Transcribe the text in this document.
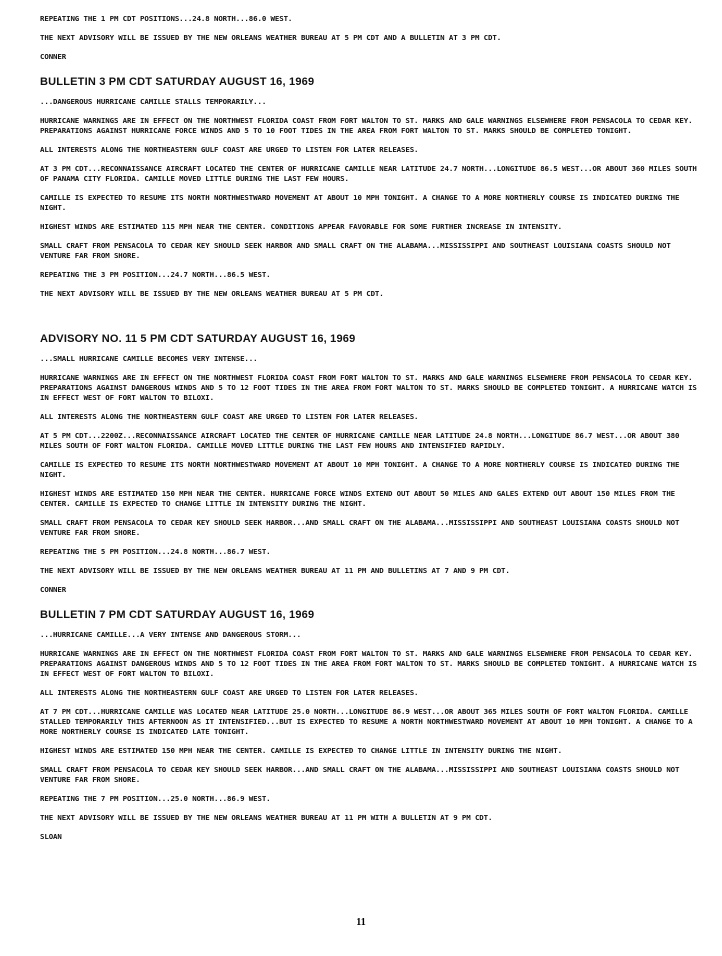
REPEATING THE 1 PM CDT POSITIONS...24.8 NORTH...86.0 WEST.

THE NEXT ADVISORY WILL BE ISSUED BY THE NEW ORLEANS WEATHER BUREAU AT 5 PM CDT AND A BULLETIN AT 3 PM CDT.

CONNER

BULLETIN 3 PM CDT SATURDAY AUGUST 16, 1969

...DANGEROUS HURRICANE CAMILLE STALLS TEMPORARILY...

HURRICANE WARNINGS ARE IN EFFECT ON THE NORTHWEST FLORIDA COAST FROM FORT WALTON TO ST. MARKS AND GALE WARNINGS ELSEWHERE FROM PENSACOLA TO CEDAR KEY. PREPARATIONS AGAINST HURRICANE FORCE WINDS AND 5 TO 10 FOOT TIDES IN THE AREA FROM FORT WALTON TO ST. MARKS SHOULD BE COMPLETED TONIGHT.

ALL INTERESTS ALONG THE NORTHEASTERN GULF COAST ARE URGED TO LISTEN FOR LATER RELEASES.

AT 3 PM CDT...RECONNAISSANCE AIRCRAFT LOCATED THE CENTER OF HURRICANE CAMILLE NEAR LATITUDE 24.7 NORTH...LONGITUDE 86.5 WEST...OR ABOUT 360 MILES SOUTH OF PANAMA CITY FLORIDA. CAMILLE MOVED LITTLE DURING THE LAST FEW HOURS.

CAMILLE IS EXPECTED TO RESUME ITS NORTH NORTHWESTWARD MOVEMENT AT ABOUT 10 MPH TONIGHT. A CHANGE TO A MORE NORTHERLY COURSE IS INDICATED DURING THE NIGHT.

HIGHEST WINDS ARE ESTIMATED 115 MPH NEAR THE CENTER. CONDITIONS APPEAR FAVORABLE FOR SOME FURTHER INCREASE IN INTENSITY.

SMALL CRAFT FROM PENSACOLA TO CEDAR KEY SHOULD SEEK HARBOR AND SMALL CRAFT ON THE ALABAMA...MISSISSIPPI AND SOUTHEAST LOUISIANA COASTS SHOULD NOT VENTURE FAR FROM SHORE.

REPEATING THE 3 PM POSITION...24.7 NORTH...86.5 WEST.

THE NEXT ADVISORY WILL BE ISSUED BY THE NEW ORLEANS WEATHER BUREAU AT 5 PM CDT.

ADVISORY NO. 11 5 PM CDT SATURDAY AUGUST 16, 1969

...SMALL HURRICANE CAMILLE BECOMES VERY INTENSE...

HURRICANE WARNINGS ARE IN EFFECT ON THE NORTHWEST FLORIDA COAST FROM FORT WALTON TO ST. MARKS AND GALE WARNINGS ELSEWHERE FROM PENSACOLA TO CEDAR KEY. PREPARATIONS AGAINST DANGEROUS WINDS AND 5 TO 12 FOOT TIDES IN THE AREA FROM FORT WALTON TO ST. MARKS SHOULD BE COMPLETED TONIGHT. A HURRICANE WATCH IS IN EFFECT WEST OF FORT WALTON TO BILOXI.

ALL INTERESTS ALONG THE NORTHEASTERN GULF COAST ARE URGED TO LISTEN FOR LATER RELEASES.

AT 5 PM CDT...2200Z...RECONNAISSANCE AIRCRAFT LOCATED THE CENTER OF HURRICANE CAMILLE NEAR LATITUDE 24.8 NORTH...LONGITUDE 86.7 WEST...OR ABOUT 380 MILES SOUTH OF FORT WALTON FLORIDA. CAMILLE MOVED LITTLE DURING THE LAST FEW HOURS AND INTENSIFIED RAPIDLY.

CAMILLE IS EXPECTED TO RESUME ITS NORTH NORTHWESTWARD MOVEMENT AT ABOUT 10 MPH TONIGHT. A CHANGE TO A MORE NORTHERLY COURSE IS INDICATED DURING THE NIGHT.

HIGHEST WINDS ARE ESTIMATED 150 MPH NEAR THE CENTER. HURRICANE FORCE WINDS EXTEND OUT ABOUT 50 MILES AND GALES EXTEND OUT ABOUT 150 MILES FROM THE CENTER. CAMILLE IS EXPECTED TO CHANGE LITTLE IN INTENSITY DURING THE NIGHT.

SMALL CRAFT FROM PENSACOLA TO CEDAR KEY SHOULD SEEK HARBOR...AND SMALL CRAFT ON THE ALABAMA...MISSISSIPPI AND SOUTHEAST LOUISIANA COASTS SHOULD NOT VENTURE FAR FROM SHORE.

REPEATING THE 5 PM POSITION...24.8 NORTH...86.7 WEST.

THE NEXT ADVISORY WILL BE ISSUED BY THE NEW ORLEANS WEATHER BUREAU AT 11 PM AND BULLETINS AT 7 AND 9 PM CDT.

CONNER

BULLETIN 7 PM CDT SATURDAY AUGUST 16, 1969

...HURRICANE CAMILLE...A VERY INTENSE AND DANGEROUS STORM...

HURRICANE WARNINGS ARE IN EFFECT ON THE NORTHWEST FLORIDA COAST FROM FORT WALTON TO ST. MARKS AND GALE WARNINGS ELSEWHERE FROM PENSACOLA TO CEDAR KEY. PREPARATIONS AGAINST DANGEROUS WINDS AND 5 TO 12 FOOT TIDES IN THE AREA FROM FORT WALTON TO ST. MARKS SHOULD BE COMPLETED TONIGHT. A HURRICANE WATCH IS IN EFFECT WEST OF FORT WALTON TO BILOXI.

ALL INTERESTS ALONG THE NORTHEASTERN GULF COAST ARE URGED TO LISTEN FOR LATER RELEASES.

AT 7 PM CDT...HURRICANE CAMILLE WAS LOCATED NEAR LATITUDE 25.0 NORTH...LONGITUDE 86.9 WEST...OR ABOUT 365 MILES SOUTH OF FORT WALTON FLORIDA. CAMILLE STALLED TEMPORARILY THIS AFTERNOON AS IT INTENSIFIED...BUT IS EXPECTED TO RESUME A NORTH NORTHWESTWARD MOVEMENT AT ABOUT 10 MPH TONIGHT. A CHANGE TO A MORE NORTHERLY COURSE IS INDICATED LATE TONIGHT.

HIGHEST WINDS ARE ESTIMATED 150 MPH NEAR THE CENTER. CAMILLE IS EXPECTED TO CHANGE LITTLE IN INTENSITY DURING THE NIGHT.

SMALL CRAFT FROM PENSACOLA TO CEDAR KEY SHOULD SEEK HARBOR...AND SMALL CRAFT ON THE ALABAMA...MISSISSIPPI AND SOUTHEAST LOUISIANA COASTS SHOULD NOT VENTURE FAR FROM SHORE.

REPEATING THE 7 PM POSITION...25.0 NORTH...86.9 WEST.

THE NEXT ADVISORY WILL BE ISSUED BY THE NEW ORLEANS WEATHER BUREAU AT 11 PM WITH A BULLETIN AT 9 PM CDT.

SLOAN

11
